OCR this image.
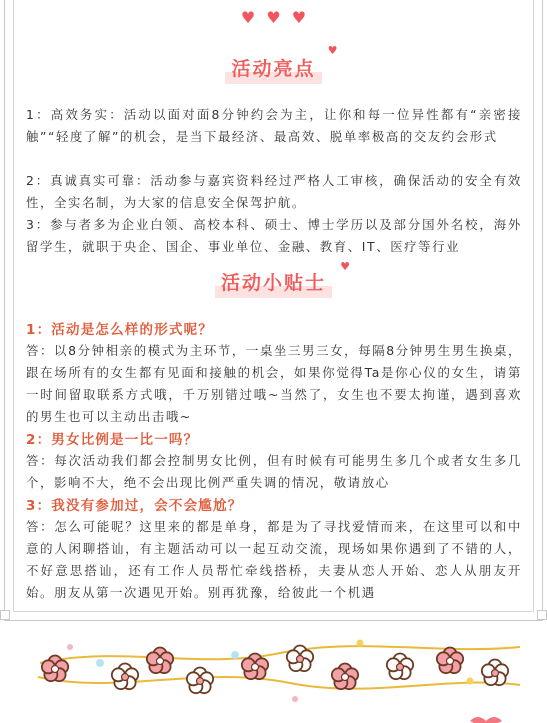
♥ ♥ ♥
活动亮点
♥
1：高效务实：活动以面对面8分钟约会为主，让你和每一位异性都有“亲密接触”“轻度了解”的机会，是当下最经济、最高效、脱单率极高的交友约会形式
2：真诚真实可靠：活动参与嘉宾资料经过严格人工审核，确保活动的安全有效性，全实名制，为大家的信息安全保驾护航。
3：参与者多为企业白领、高校本科、硕士、博士学历以及部分国外名校，海外留学生，就职于央企、国企、事业单位、金融、教育、IT、医疗等行业
活动小贴士
♥
1：活动是怎么样的形式呢？
答：以8分钟相亲的模式为主环节，一桌坐三男三女，每隔8分钟男生男生换桌，跟在场所有的女生都有见面和接触的机会，如果你觉得Ta是你心仪的女生，请第一时间留取联系方式哦，千万别错过哦~当然了，女生也不要太拘谨，遇到喜欢的男生也可以主动出击哦~
2：男女比例是一比一吗？
答：每次活动我们都会控制男女比例，但有时候有可能男生多几个或者女生多几个，影响不大，绝不会出现比例严重失调的情况，敬请放心
3：我没有参加过，会不会尴尬？
答：怎么可能呢？这里来的都是单身，都是为了寻找爱情而来，在这里可以和中意的人闲聊搭讪，有主题活动可以一起互动交流，现场如果你遇到了不错的人，不好意思搭讪，还有工作人员帮忙牵线搭桥，夫妻从恋人开始、恋人从朋友开始。朋友从第一次遇见开始。别再犹豫，给彼此一个机遇
